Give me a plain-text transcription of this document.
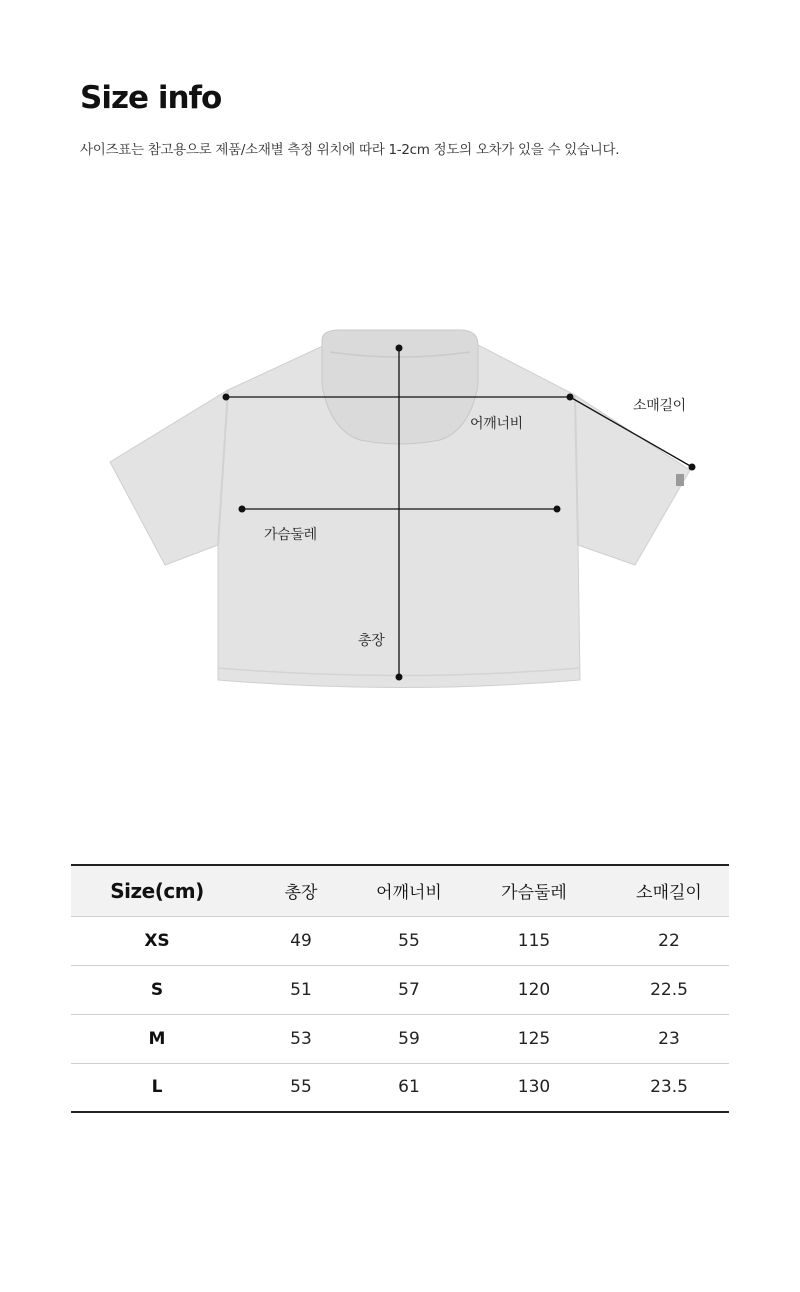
Size info

사이즈표는 참고용으로 제품/소재별 측정 위치에 따라 1-2cm 정도의 오차가 있을 수 있습니다.

어깨너비
소매길이
가슴둘레
총장
Size(cm)	총장	어깨너비	가슴둘레	소매길이
XS	49	55	115	22
S	51	57	120	22.5
M	53	59	125	23
L	55	61	130	23.5
